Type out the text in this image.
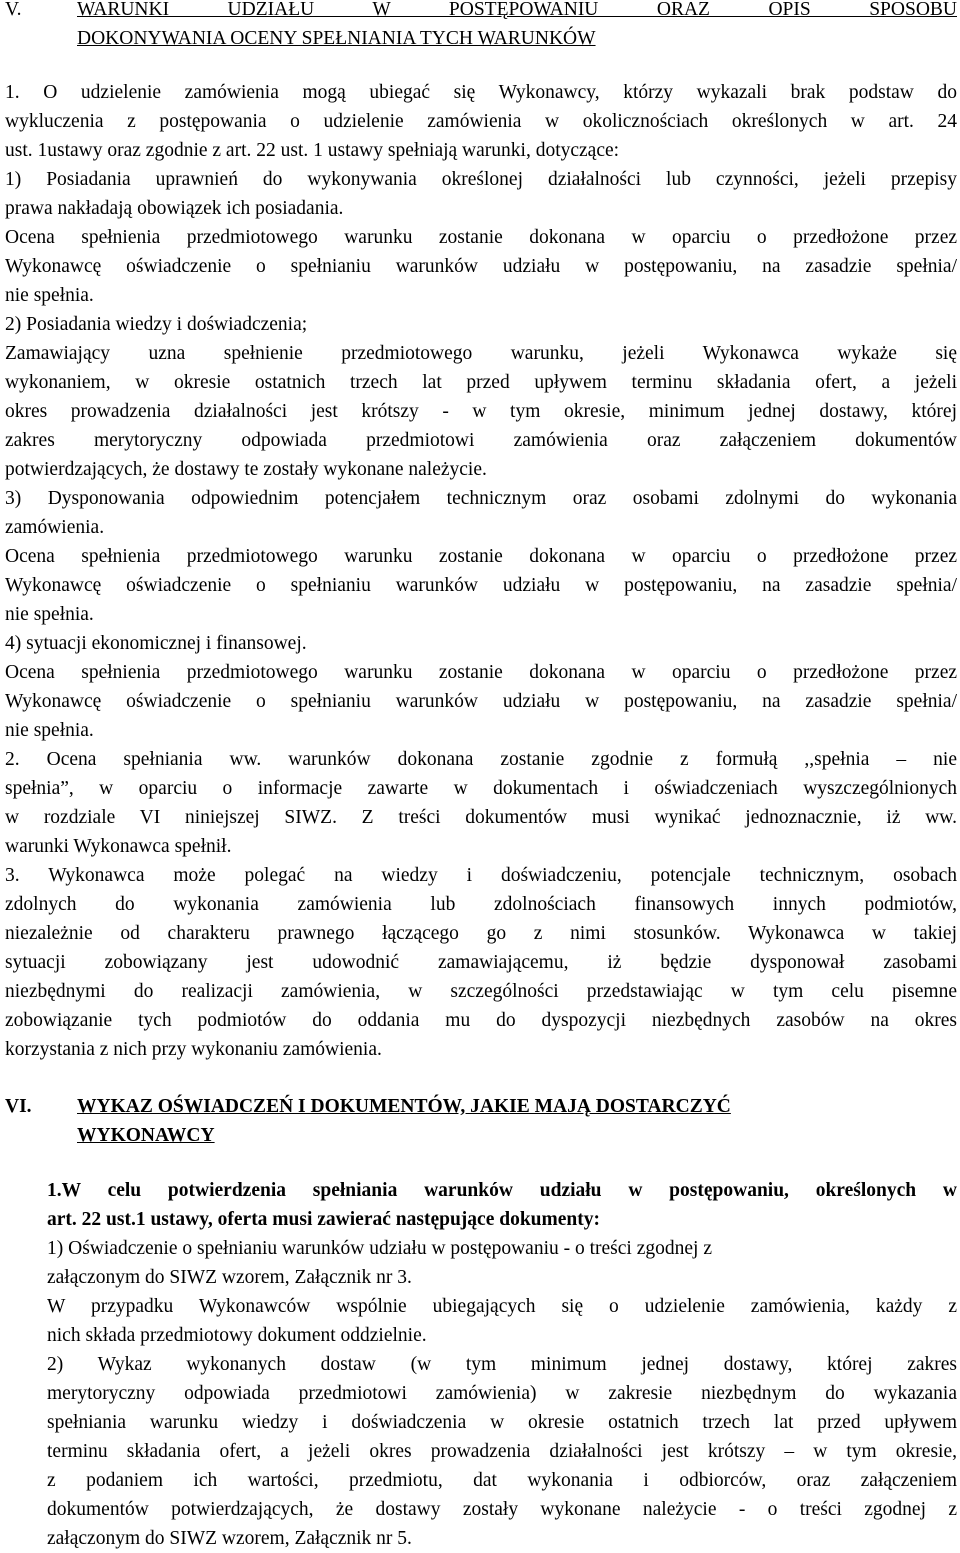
V.	WARUNKI UDZIAŁU W POSTĘPOWANIU ORAZ OPIS SPOSOBU
DOKONYWANIA OCENY SPEŁNIANIA TYCH WARUNKÓW
1. O udzielenie zamówienia mogą ubiegać się Wykonawcy, którzy wykazali brak podstaw do
wykluczenia z postępowania o udzielenie zamówienia w okolicznościach określonych w art. 24
ust. 1ustawy oraz zgodnie z art. 22 ust. 1 ustawy spełniają warunki, dotyczące:
1) Posiadania uprawnień do wykonywania określonej działalności lub czynności, jeżeli przepisy
prawa nakładają obowiązek ich posiadania.
Ocena spełnienia przedmiotowego warunku zostanie dokonana w oparciu o przedłożone przez
Wykonawcę oświadczenie o spełnianiu warunków udziału w postępowaniu, na zasadzie spełnia/
nie spełnia.
2) Posiadania wiedzy i doświadczenia;
Zamawiający uzna spełnienie przedmiotowego warunku, jeżeli Wykonawca wykaże się
wykonaniem, w okresie ostatnich trzech lat przed upływem terminu składania ofert, a jeżeli
okres prowadzenia działalności jest krótszy - w tym okresie, minimum jednej dostawy, której
zakres merytoryczny odpowiada przedmiotowi zamówienia oraz załączeniem dokumentów
potwierdzających, że dostawy te zostały wykonane należycie.
3) Dysponowania odpowiednim potencjałem technicznym oraz osobami zdolnymi do wykonania
zamówienia.
Ocena spełnienia przedmiotowego warunku zostanie dokonana w oparciu o przedłożone przez
Wykonawcę oświadczenie o spełnianiu warunków udziału w postępowaniu, na zasadzie spełnia/
nie spełnia.
4) sytuacji ekonomicznej i finansowej.
Ocena spełnienia przedmiotowego warunku zostanie dokonana w oparciu o przedłożone przez
Wykonawcę oświadczenie o spełnianiu warunków udziału w postępowaniu, na zasadzie spełnia/
nie spełnia.
2. Ocena spełniania ww. warunków dokonana zostanie zgodnie z formułą ,,spełnia – nie
spełnia”, w oparciu o informacje zawarte w dokumentach i oświadczeniach wyszczególnionych
w rozdziale VI niniejszej SIWZ. Z treści dokumentów musi wynikać jednoznacznie, iż ww.
warunki Wykonawca spełnił.
3. Wykonawca może polegać na wiedzy i doświadczeniu, potencjale technicznym, osobach
zdolnych do wykonania zamówienia lub zdolnościach finansowych innych podmiotów,
niezależnie od charakteru prawnego łączącego go z nimi stosunków. Wykonawca w takiej
sytuacji zobowiązany jest udowodnić zamawiającemu, iż będzie dysponował zasobami
niezbędnymi do realizacji zamówienia, w szczególności przedstawiając w tym celu pisemne
zobowiązanie tych podmiotów do oddania mu do dyspozycji niezbędnych zasobów na okres
korzystania z nich przy wykonaniu zamówienia.
VI.	WYKAZ OŚWIADCZEŃ I DOKUMENTÓW, JAKIE MAJĄ DOSTARCZYĆ
WYKONAWCY
1.W celu potwierdzenia spełniania warunków udziału w postępowaniu, określonych w
art. 22 ust.1 ustawy, oferta musi zawierać następujące dokumenty:
1) Oświadczenie o spełnianiu warunków udziału w postępowaniu - o treści zgodnej z
załączonym do SIWZ wzorem, Załącznik nr 3.
W przypadku Wykonawców wspólnie ubiegających się o udzielenie zamówienia, każdy z
nich składa przedmiotowy dokument oddzielnie.
2) Wykaz wykonanych dostaw (w tym minimum jednej dostawy, której zakres
merytoryczny odpowiada przedmiotowi zamówienia) w zakresie niezbędnym do wykazania
spełniania warunku wiedzy i doświadczenia w okresie ostatnich trzech lat przed upływem
terminu składania ofert, a jeżeli okres prowadzenia działalności jest krótszy – w tym okresie,
z podaniem ich wartości, przedmiotu, dat wykonania i odbiorców, oraz załączeniem
dokumentów potwierdzających, że dostawy zostały wykonane należycie - o treści zgodnej z
załączonym do SIWZ wzorem, Załącznik nr 5.
